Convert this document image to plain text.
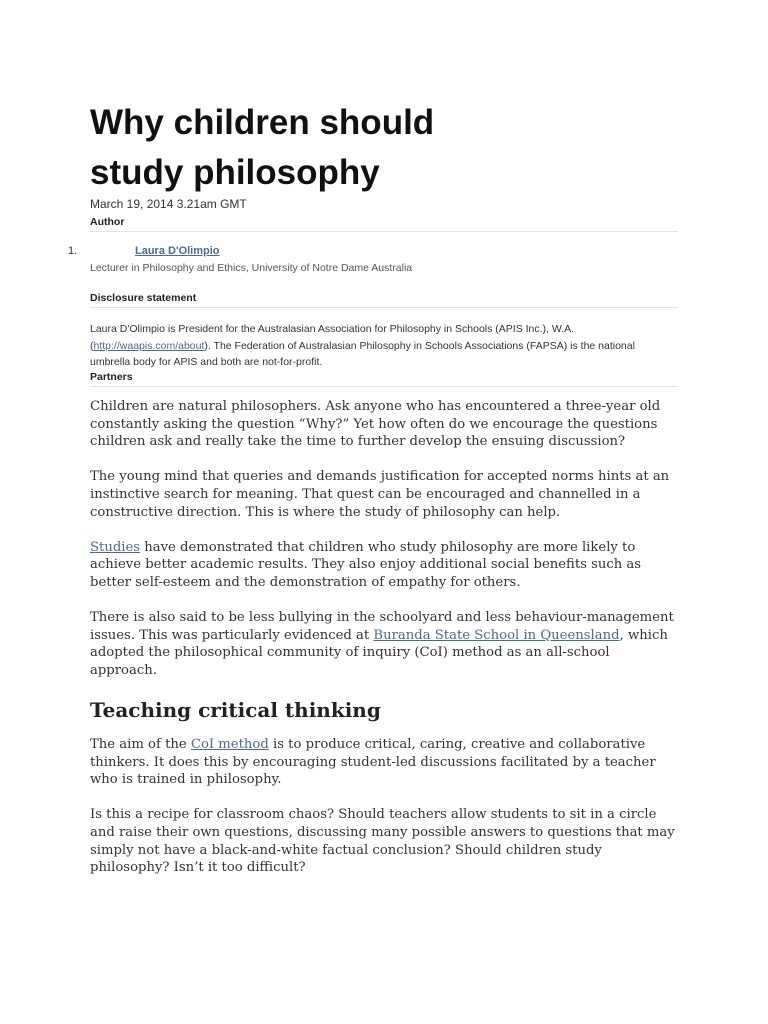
Why children should study philosophy
March 19, 2014 3.21am GMT
Author
1.	Laura D'Olimpio
Lecturer in Philosophy and Ethics, University of Notre Dame Australia
Disclosure statement

Laura D'Olimpio is President for the Australasian Association for Philosophy in Schools (APIS Inc.), W.A. (http://waapis.com/about). The Federation of Australasian Philosophy in Schools Associations (FAPSA) is the national umbrella body for APIS and both are not-for-profit.

Partners

Children are natural philosophers. Ask anyone who has encountered a three-year old constantly asking the question “Why?” Yet how often do we encourage the questions children ask and really take the time to further develop the ensuing discussion?

The young mind that queries and demands justification for accepted norms hints at an instinctive search for meaning. That quest can be encouraged and channelled in a constructive direction. This is where the study of philosophy can help.

Studies have demonstrated that children who study philosophy are more likely to achieve better academic results. They also enjoy additional social benefits such as better self-esteem and the demonstration of empathy for others.

There is also said to be less bullying in the schoolyard and less behaviour-management issues. This was particularly evidenced at Buranda State School in Queensland, which adopted the philosophical community of inquiry (CoI) method as an all-school approach.

Teaching critical thinking

The aim of the CoI method is to produce critical, caring, creative and collaborative thinkers. It does this by encouraging student-led discussions facilitated by a teacher who is trained in philosophy.

Is this a recipe for classroom chaos? Should teachers allow students to sit in a circle and raise their own questions, discussing many possible answers to questions that may simply not have a black-and-white factual conclusion? Should children study philosophy? Isn’t it too difficult?
